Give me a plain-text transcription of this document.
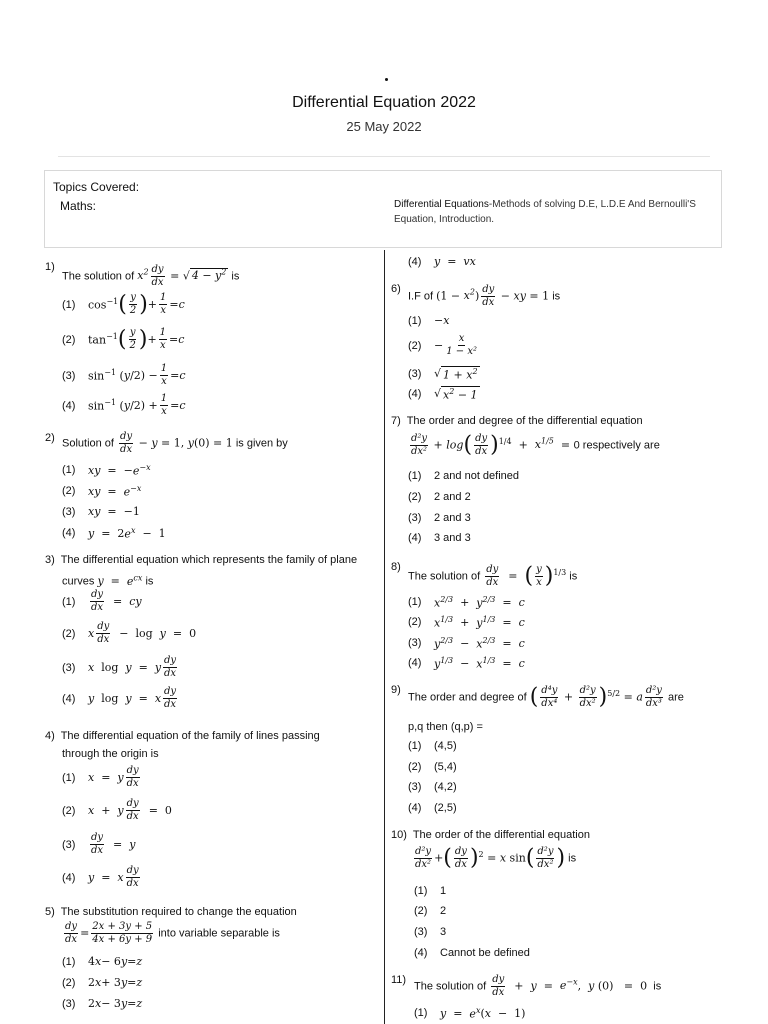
Differential Equation 2022
25 May 2022
Topics Covered:
Maths:	Differential Equations-Methods of solving D.E, L.D.E And Bernoulli'S Equation, Introduction.
1)
The solution of $x^2 \frac{dy}{dx}$ = √ $4 - y^2$ is
(1)	$\cos^{-1}$ ( $\frac{y}{2}$ ) + $\frac{1}{x} = c$
(2)	$\tan^{-1}$ ( $\frac{y}{2}$ ) + $\frac{1}{x} = c$
(3)	$\sin^{-1}$ ( y $/2) - \frac{1}{x} = c$
(4)	$\sin^{-1}$ ( y $/2) + \frac{1}{x} = c$
2) Solution of $\frac{dy}{dx} - y = 1$, y(0) = 1 is given by
(1)	xy =  − $e^{-x}$
(2)	xy = $e^{-x}$
(3)	xy =  −1
(4)	y =  2 $e^x - 1$
3) The differential equation which represents the family of plane
curves $y = e^{cx}$ is
(1)	$\frac{dy}{dx}$ = cy
(2)	x $\frac{dy}{dx} - \log y = 0$
(3)	x log y = y $\frac{dy}{dx}$
(4)	y log y = x $\frac{dy}{dx}$
4) The differential equation of the family of lines passing
through the origin is
(1)	x = y $\frac{dy}{dx}$
(2)	x + y $\frac{dy}{dx} = 0$
(3)	$\frac{dy}{dx} = y$
(4)	y = x $\frac{dy}{dx}$
5) The substitution required to change the equation
$\frac{dy}{dx} = \frac{2x + 3y + 5}{4x + 6y + 9}$ into variable separable is
(1)	4 x − 6 y = z
(2)	2 x + 3 y = z
(3)	2 x − 3 y = z
(4)	y = vx
6)
I.F of $(1 - x^2) \frac{dy}{dx}$ − xy = 1 is
(1)	− x
(2)	− $\frac{x}{\text{1 − x²}}$
(3)	√ $1 + x^2$
(4)	√ $x^2 - 1$
7) The order and degree of the differential equation
$\frac{\text{d²y}}{\text{dx²}} + \log( \frac{dy}{dx} )^{1/4} + x^{1/5} = 0$ respectively are
(1)	2 and not defined
(2)	2 and 2
(3)	2 and 3
(4)	3 and 3
8)
The solution of $\frac{dy}{dx}$ =  ( $\frac{y}{x} )^{1/3}$ is
(1)	$x^{2/3} + y^{2/3} = c$
(2)	$x^{1/3} + y^{1/3} = c$
(3)	$y^{2/3} - x^{2/3} = c$
(4)	$y^{1/3} - x^{1/3} = c$
9)
The order and degree of ( $\frac{\text{d⁴y}}{\text{dx⁴}} + \frac{\text{d²y}}{\text{dx²}} )^{5/2} = a \frac{\text{d²y}}{\text{dx³}}$ are
p,q then (q,p) =
(1)	(4,5)
(2)	(5,4)
(3)	(4,2)
(4)	(2,5)
10) The order of the differential equation
$\frac{\text{d²y}}{\text{dx²}}$ +( $\frac{dy}{dx} )^2 = x$ $\sin( \frac{\text{d²y}}{\text{dx²}}$ ) is
(1)	1
(2)	2
(3)	3
(4)	Cannot be defined
11)
The solution of $\frac{dy}{dx} + y = e^{-x}$,  y (0)   =  0 is
(1)	$y = e^x$ ( x −  1)
